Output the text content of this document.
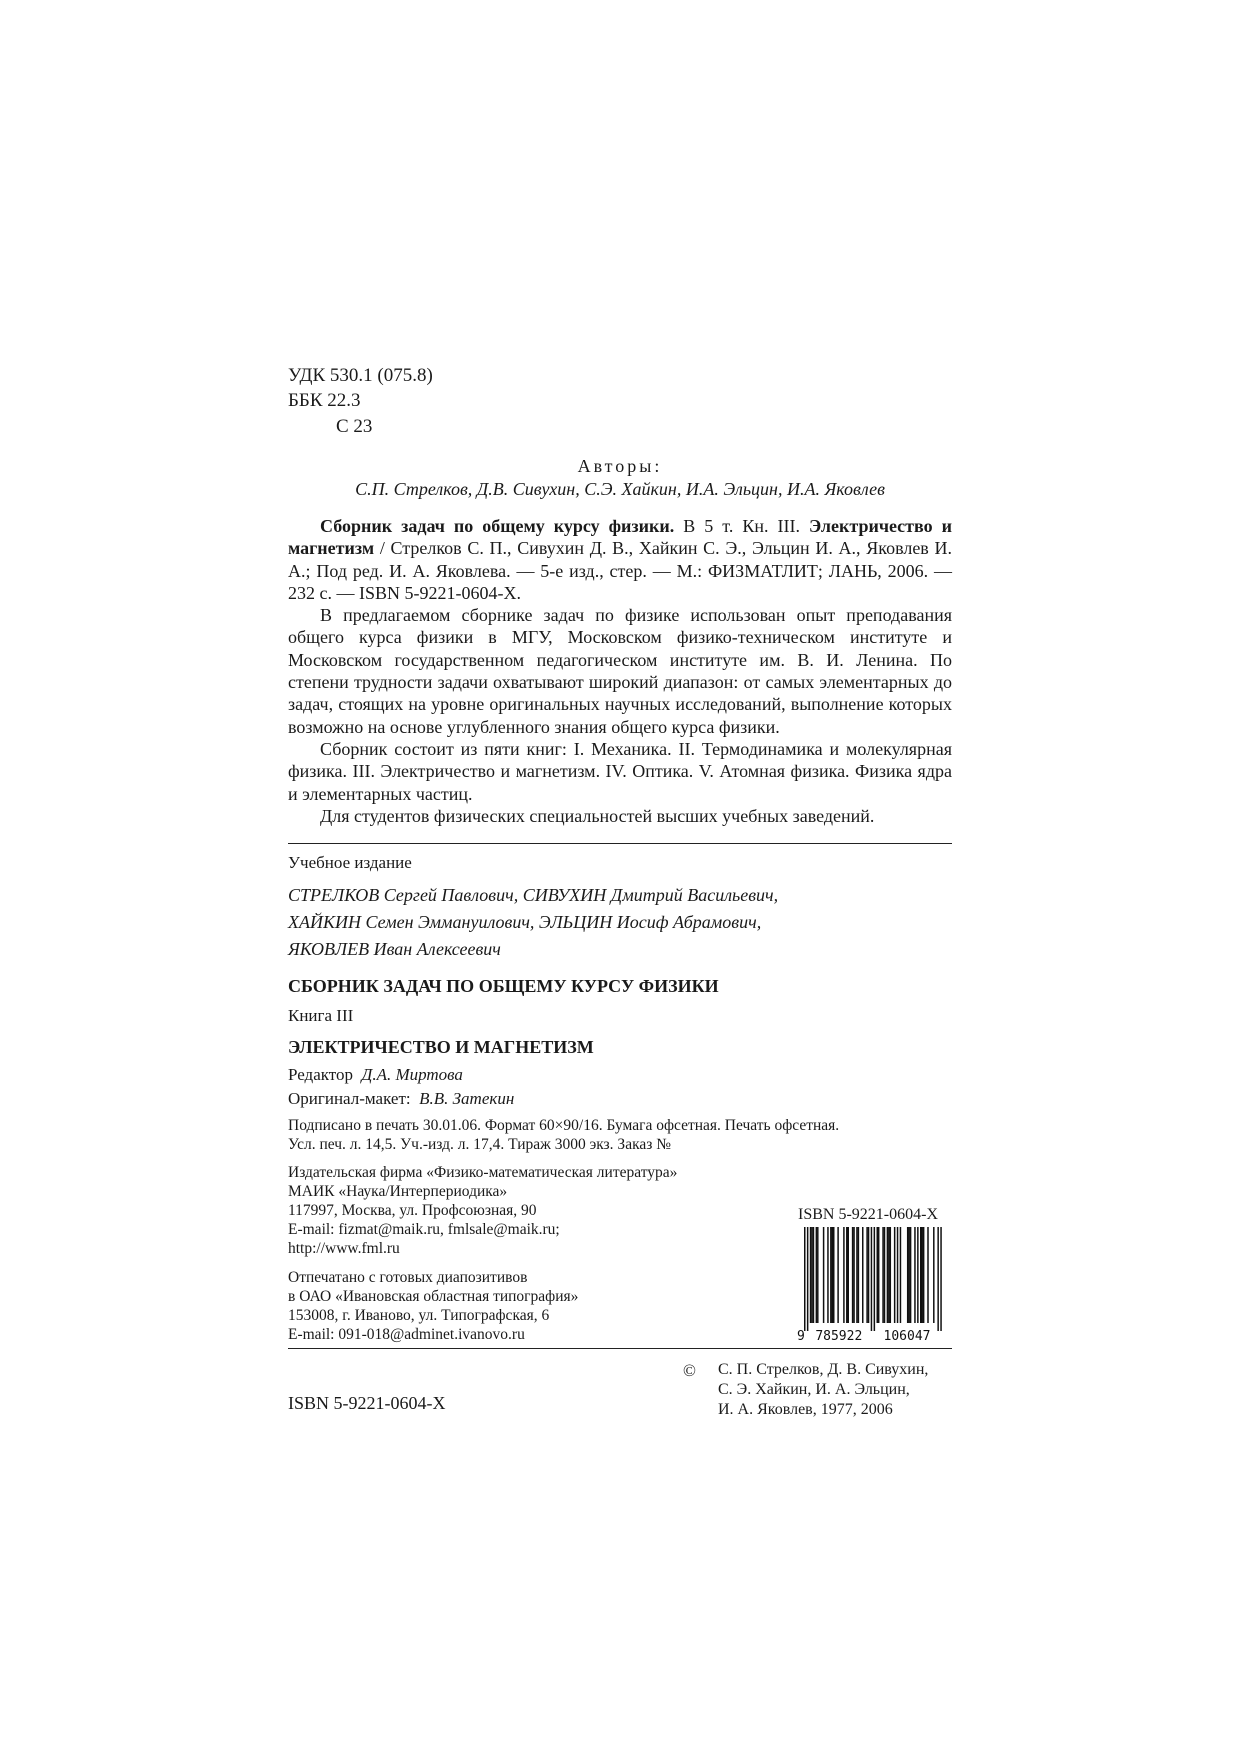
УДК 530.1 (075.8)
ББК 22.3
С 23
Авторы:
С.П. Стрелков, Д.В. Сивухин, С.Э. Хайкин, И.А. Эльцин, И.А. Яковлев

Сборник задач по общему курсу физики. В 5 т. Кн. III. Электричество и магнетизм / Стрелков С. П., Сивухин Д. В., Хайкин С. Э., Эльцин И. А., Яковлев И. А.; Под ред. И. А. Яковлева. — 5-е изд., стер. — М.: ФИЗМАТЛИТ; ЛАНЬ, 2006. — 232 с. — ISBN 5-9221-0604-X.

В предлагаемом сборнике задач по физике использован опыт преподавания общего курса физики в МГУ, Московском физико-техническом институте и Московском государственном педагогическом институте им. В. И. Ленина. По степени трудности задачи охватывают широкий диапазон: от самых элементарных до задач, стоящих на уровне оригинальных научных исследований, выполнение которых возможно на основе углубленного знания общего курса физики.

Сборник состоит из пяти книг: I. Механика. II. Термодинамика и молекулярная физика. III. Электричество и магнетизм. IV. Оптика. V. Атомная физика. Физика ядра и элементарных частиц.

Для студентов физических специальностей высших учебных заведений.

Учебное издание
СТРЕЛКОВ Сергей Павлович, СИВУХИН Дмитрий Васильевич,
ХАЙКИН Семен Эммануилович, ЭЛЬЦИН Иосиф Абрамович,
ЯКОВЛЕВ Иван Алексеевич
СБОРНИК ЗАДАЧ ПО ОБЩЕМУ КУРСУ ФИЗИКИ
Книга III
ЭЛЕКТРИЧЕСТВО И МАГНЕТИЗМ
Редактор Д.А. Миртова
Оригинал-макет: В.В. Затекин
Подписано в печать 30.01.06. Формат 60×90/16. Бумага офсетная. Печать офсетная.
Усл. печ. л. 14,5. Уч.-изд. л. 17,4. Тираж 3000 экз. Заказ №
Издательская фирма «Физико-математическая литература»
МАИК «Наука/Интерпериодика»
117997, Москва, ул. Профсоюзная, 90
E-mail: fizmat@maik.ru, fmlsale@maik.ru;
http://www.fml.ru
Отпечатано с готовых диапозитивов
в ОАО «Ивановская областная типография»
153008, г. Иваново, ул. Типографская, 6
E-mail: 091-018@adminet.ivanovo.ru
ISBN 5-9221-0604-X
9 785922 106047
ISBN 5-9221-0604-X
© С. П. Стрелков, Д. В. Сивухин,
С. Э. Хайкин, И. А. Эльцин,
И. А. Яковлев, 1977, 2006
